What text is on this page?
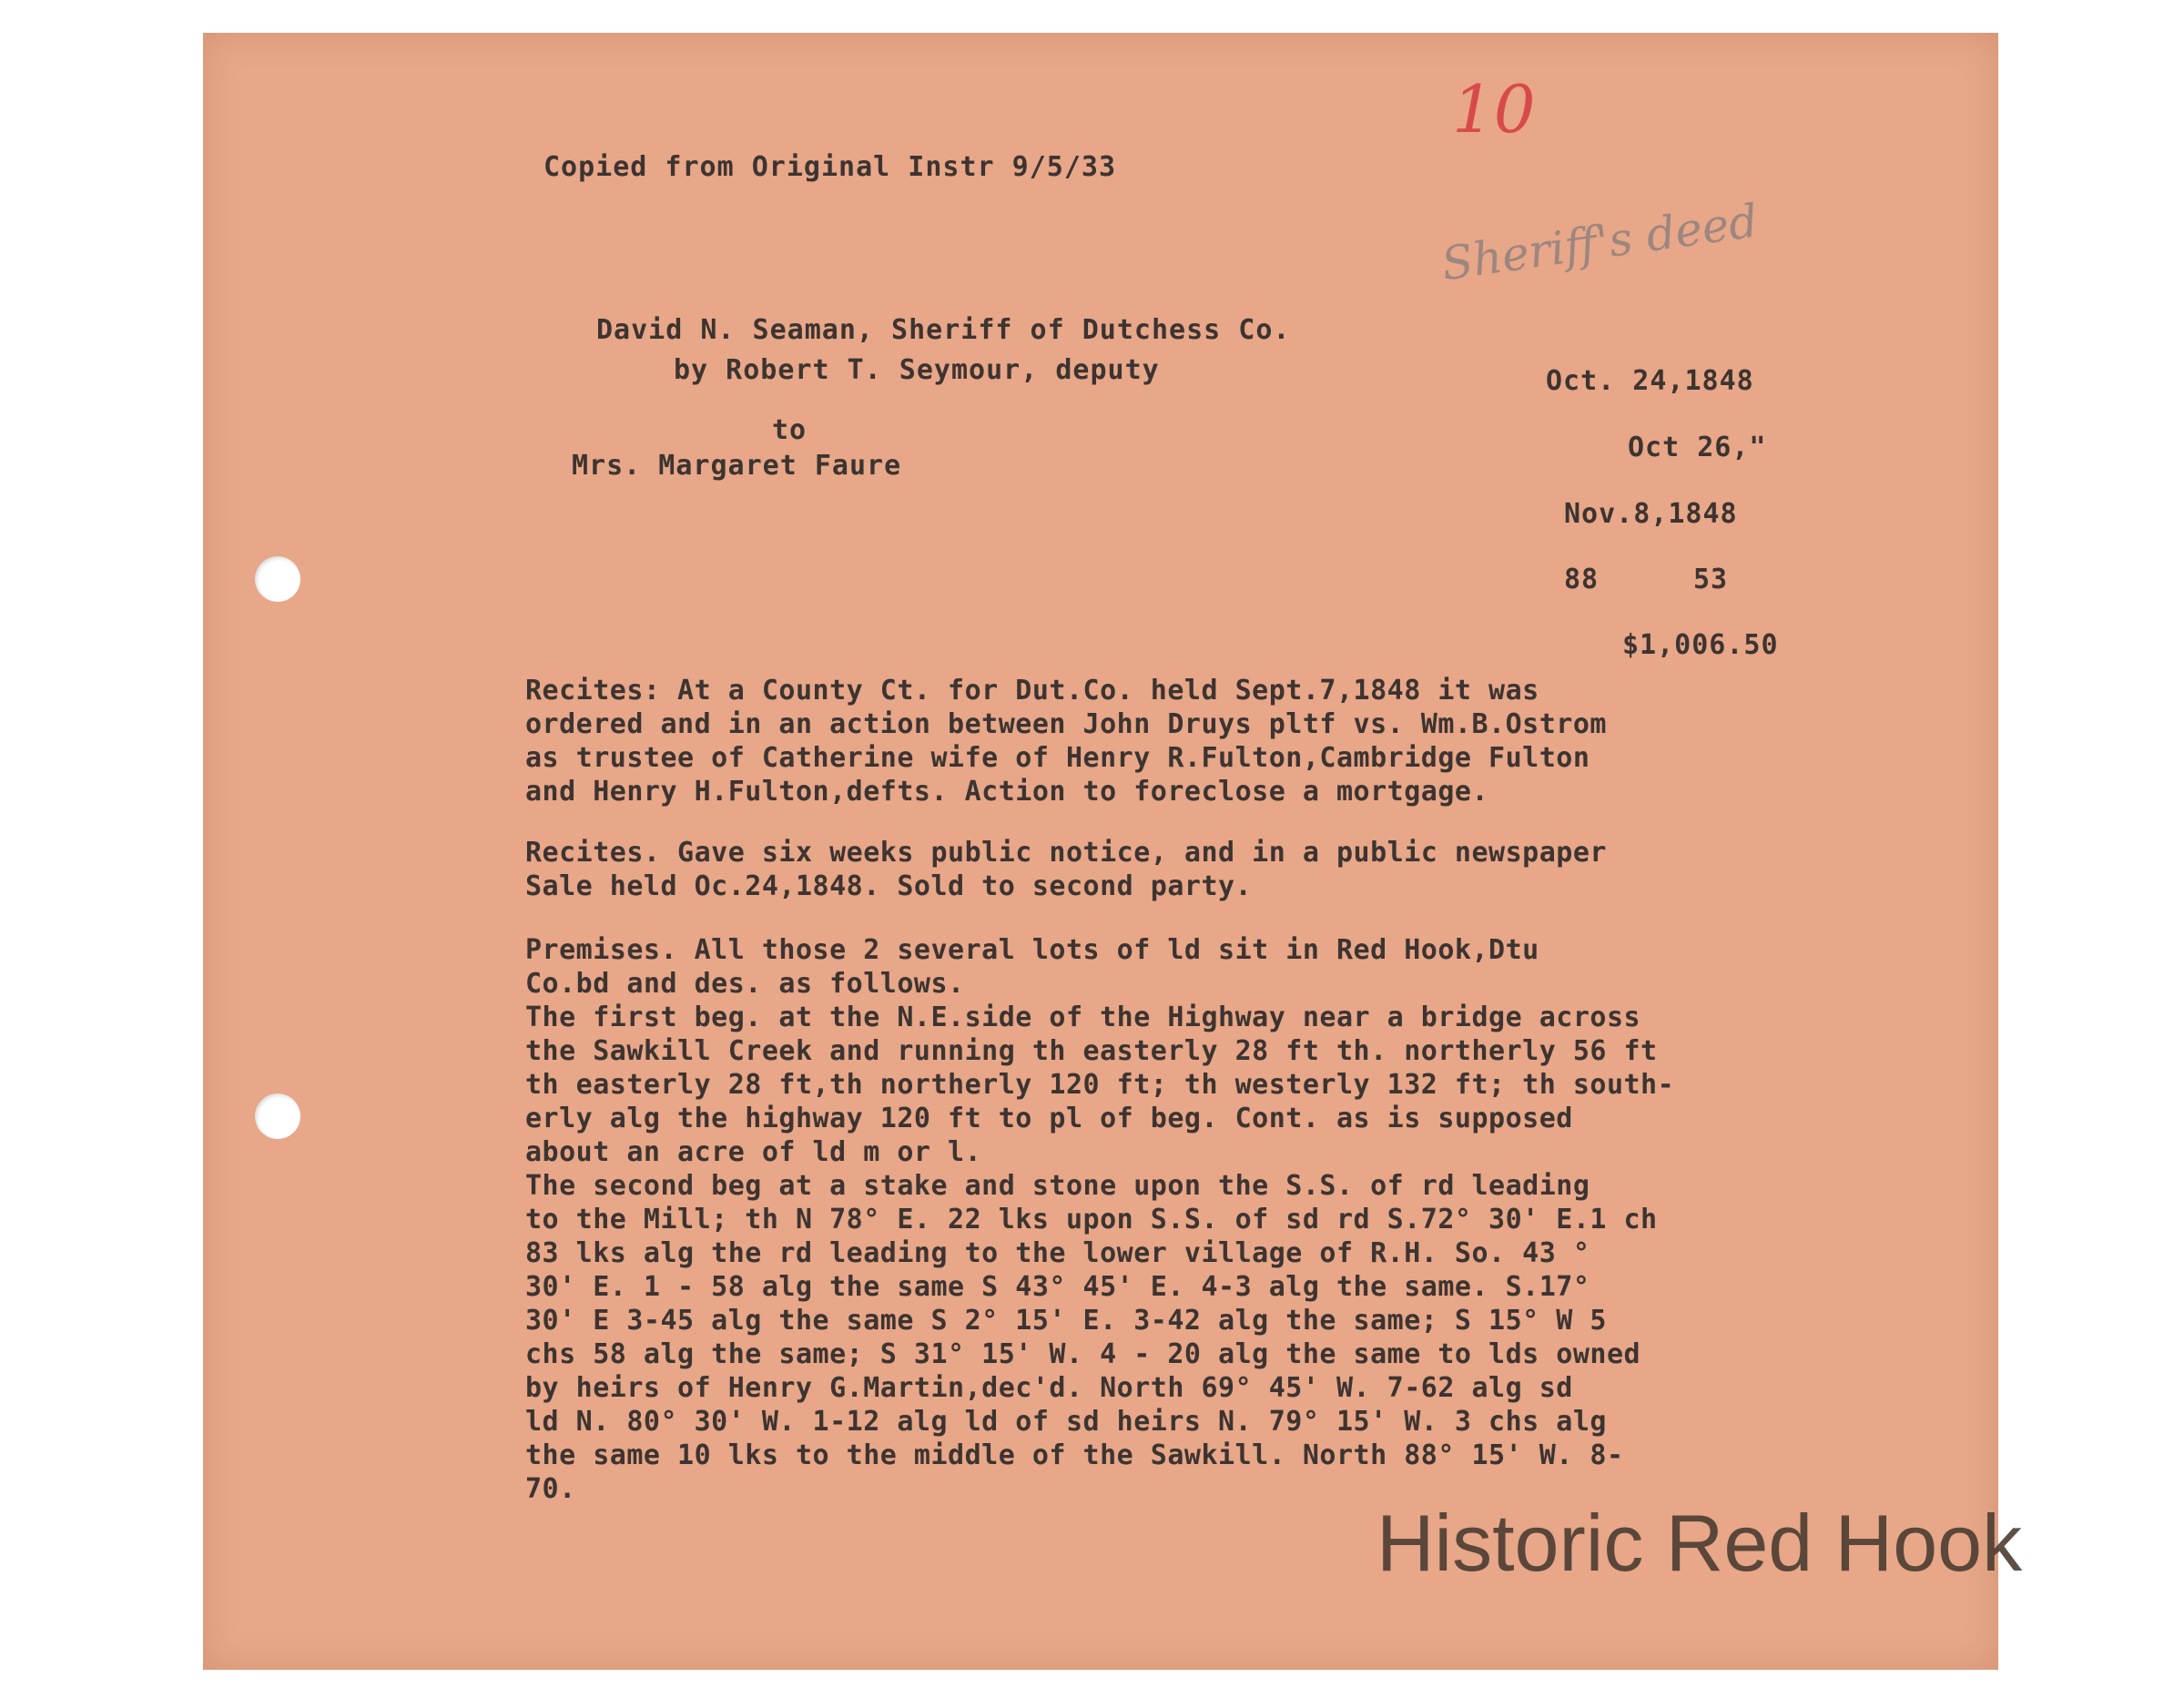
10
Sheriff's deed
Copied from Original Instr 9/5/33
David N. Seaman, Sheriff of Dutchess Co.
by Robert T. Seymour, deputy
to
Mrs. Margaret Faure
Oct. 24,1848
Oct 26,"
Nov.8,1848
88	53
$1,006.50
Recites: At a County Ct. for Dut.Co. held Sept.7,1848 it was
ordered and in an action between John Druys pltf vs. Wm.B.Ostrom
as trustee of Catherine wife of Henry R.Fulton,Cambridge Fulton
and Henry H.Fulton,defts. Action to foreclose a mortgage.
Recites. Gave six weeks public notice, and in a public newspaper
Sale held Oc.24,1848. Sold to second party.
Premises. All those 2 several lots of ld sit in Red Hook,Dtu
Co.bd and des. as follows.
The first beg. at the N.E.side of the Highway near a bridge across
the Sawkill Creek and running th easterly 28 ft th. northerly 56 ft
th easterly 28 ft,th northerly 120 ft; th westerly 132 ft; th south-
erly alg the highway 120 ft to pl of beg. Cont. as is supposed
about an acre of ld m or l.
The second beg at a stake and stone upon the S.S. of rd leading
to the Mill; th N 78° E. 22 lks upon S.S. of sd rd S.72° 30' E.1 ch
83 lks alg the rd leading to the lower village of R.H. So. 43 °
30' E. 1 - 58 alg the same S 43° 45' E. 4-3 alg the same. S.17°
30' E 3-45 alg the same S 2° 15' E. 3-42 alg the same; S 15° W 5
chs 58 alg the same; S 31° 15' W. 4 - 20 alg the same to lds owned
by heirs of Henry G.Martin,dec'd. North 69° 45' W. 7-62 alg sd
ld N. 80° 30' W. 1-12 alg ld of sd heirs N. 79° 15' W. 3 chs alg
the same 10 lks to the middle of the Sawkill. North 88° 15' W. 8-
70.
Historic Red Hook
